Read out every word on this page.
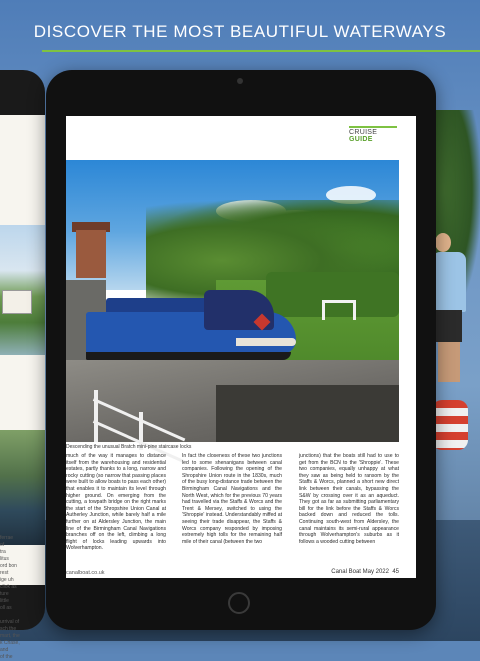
DISCOVER THE MOST BEAUTIFUL WATERWAYS
ferrae
of
tra
litus
ord bon
rest
ige uh
cliok as
ture
little
oll as

urrival of
sch the
mart, the
k Chase,
and
of the
CRUISE GUIDE
Descending the unusual Bratch mini-pine staircase locks
much of the way it manages to distance itself from the warehousing and residential estates, partly thanks to a long, narrow and rocky cutting (so narrow that passing places were built to allow boats to pass each other) that enables it to maintain its level through higher ground. On emerging from the cutting, a towpath bridge on the right marks the start of the Shropshire Union Canal at Autherley Junction, while barely half a mile further on at Aldersley Junction, the main line of the Birmingham Canal Navigations branches off on the left, climbing a long flight of locks leading upwards into Wolverhampton.
In fact the closeness of these two junctions led to some shenanigans between canal companies. Following the opening of the Shropshire Union route in the 1830s, much of the busy long-distance trade between the Birmingham Canal Navigations and the North West, which for the previous 70 years had travelled via the Staffs & Worcs and the Trent & Mersey, switched to using the 'Shroppie' instead. Understandably miffed at seeing their trade disappear, the Staffs & Worcs company responded by imposing extremely high tolls for the remaining half mile of their canal (between the two
junctions) that the boats still had to use to get from the BCN to the 'Shroppie'. These two companies, equally unhappy at what they saw as being held to ransom by the Staffs & Worcs, planned a short new direct link between their canals, bypassing the S&W by crossing over it as an aqueduct. They got as far as submitting parliamentary bill for the link before the Staffs & Worcs backed down and reduced the tolls. Continuing south-west from Aldersley, the canal maintains its semi-rural appearance through Wolverhampton's suburbs as it follows a wooded cutting between
canalboat.co.uk	Canal Boat May 2022 45
